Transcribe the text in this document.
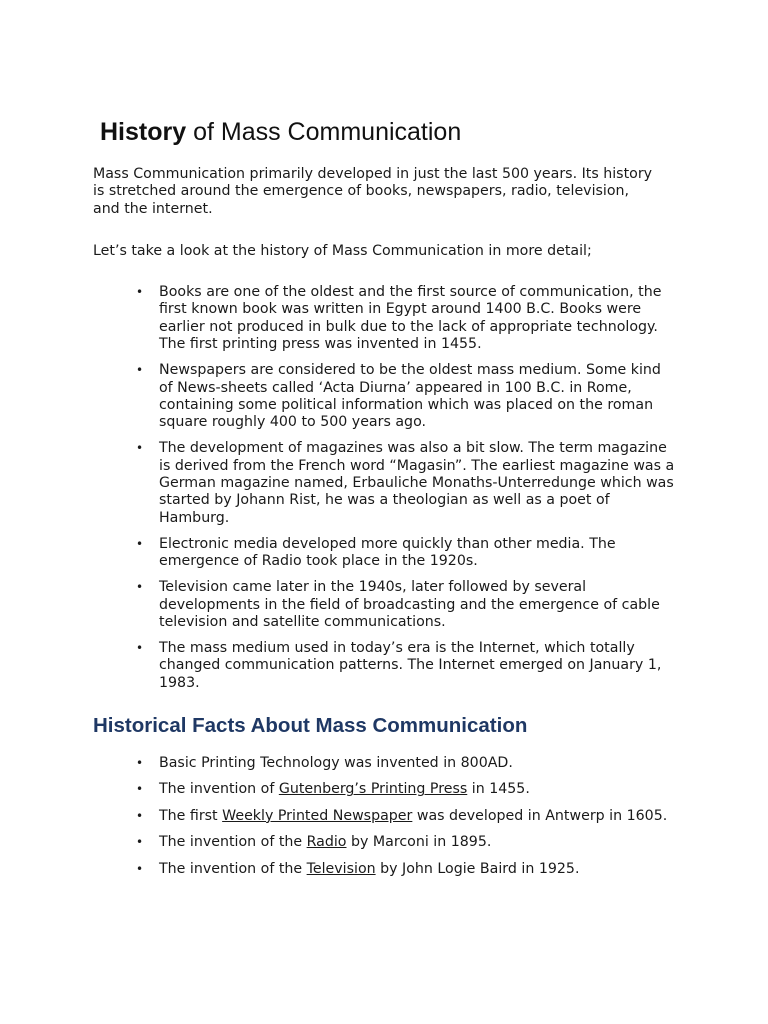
History of Mass Communication

Mass Communication primarily developed in just the last 500 years. Its history is stretched around the emergence of books, newspapers, radio, television, and the internet.

Let’s take a look at the history of Mass Communication in more detail;

• Books are one of the oldest and the first source of communication, the first known book was written in Egypt around 1400 B.C. Books were earlier not produced in bulk due to the lack of appropriate technology. The first printing press was invented in 1455.
• Newspapers are considered to be the oldest mass medium. Some kind of News-sheets called ‘Acta Diurna’ appeared in 100 B.C. in Rome, containing some political information which was placed on the roman square roughly 400 to 500 years ago.
• The development of magazines was also a bit slow. The term magazine is derived from the French word “Magasin”. The earliest magazine was a German magazine named, Erbauliche Monaths-Unterredunge which was started by Johann Rist, he was a theologian as well as a poet of Hamburg.
• Electronic media developed more quickly than other media. The emergence of Radio took place in the 1920s.
• Television came later in the 1940s, later followed by several developments in the field of broadcasting and the emergence of cable television and satellite communications.
• The mass medium used in today’s era is the Internet, which totally changed communication patterns. The Internet emerged on January 1, 1983.
Historical Facts About Mass Communication
• Basic Printing Technology was invented in 800AD.
• The invention of Gutenberg’s Printing Press in 1455.
• The first Weekly Printed Newspaper was developed in Antwerp in 1605.
• The invention of the Radio by Marconi in 1895.
• The invention of the Television by John Logie Baird in 1925.
